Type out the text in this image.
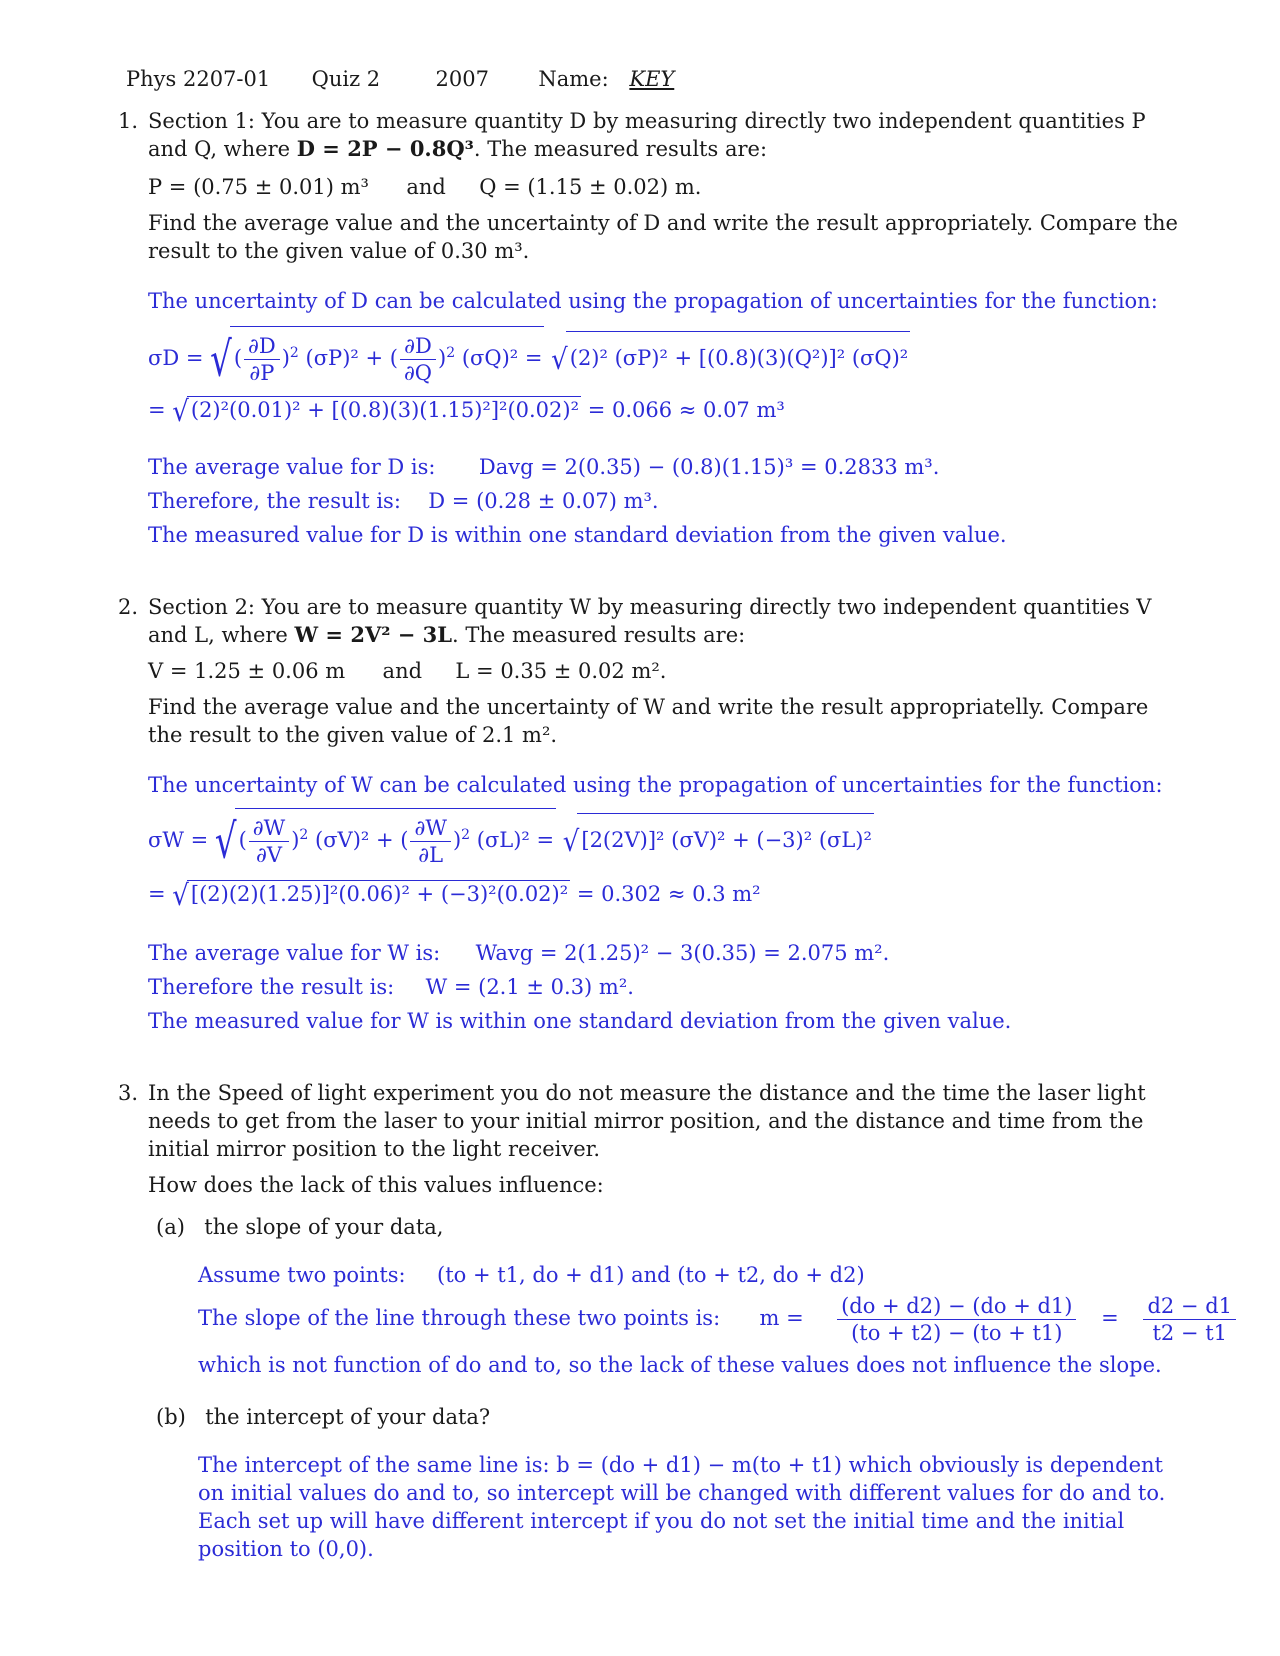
Phys 2207-01 Quiz 2	2007 Name: KEY
1. Section 1: You are to measure quantity D by measuring directly two independent quantities P
and Q, where D = 2P − 0.8Q³. The measured results are:
P = (0.75 ± 0.01) m³ and Q = (1.15 ± 0.02) m.
Find the average value and the uncertainty of D and write the result appropriately. Compare the
result to the given value of 0.30 m³.
The uncertainty of D can be calculated using the propagation of uncertainties for the function:
σD = √( $\frac{\partial D}{\partial P} )^2$ (σP)² + ( $\frac{\partial D}{\partial Q} )^2$ (σQ)² = √(2)² (σP)² + [(0.8)(3)(Q²)]² (σQ)²
= √(2)²(0.01)² + [(0.8)(3)(1.15)²]²(0.02)² = 0.066 ≈ 0.07 m³
The average value for D is: Davg = 2(0.35) − (0.8)(1.15)³ = 0.2833 m³.
Therefore, the result is: D = (0.28 ± 0.07) m³.
The measured value for D is within one standard deviation from the given value.
2. Section 2: You are to measure quantity W by measuring directly two independent quantities V
and L, where W = 2V² − 3L. The measured results are:
V = 1.25 ± 0.06 m and L = 0.35 ± 0.02 m².
Find the average value and the uncertainty of W and write the result appropriatelly. Compare
the result to the given value of 2.1 m².
The uncertainty of W can be calculated using the propagation of uncertainties for the function:
σW = √( $\frac{\partial W}{\partial V} )^2$ (σV)² + ( $\frac{\partial W}{\partial L} )^2$ (σL)² = √[2(2V)]² (σV)² + (−3)² (σL)²
= √[(2)(2)(1.25)]²(0.06)² + (−3)²(0.02)² = 0.302 ≈ 0.3 m²
The average value for W is: Wavg = 2(1.25)² − 3(0.35) = 2.075 m².
Therefore the result is: W = (2.1 ± 0.3) m².
The measured value for W is within one standard deviation from the given value.
3. In the Speed of light experiment you do not measure the distance and the time the laser light
needs to get from the laser to your initial mirror position, and the distance and time from the
initial mirror position to the light receiver.
How does the lack of this values influence:
(a) the slope of your data,
Assume two points: (to + t1, do + d1) and (to + t2, do + d2)
The slope of the line through these two points is: $m = \frac{(do + d2) - (do + d1)}{(to + t2) - (to + t1)} = \frac{d2 - d1}{t2 - t1}$
which is not function of do and to, so the lack of these values does not influence the slope.
(b) the intercept of your data?
The intercept of the same line is: b = (do + d1) − m(to + t1) which obviously is dependent
on initial values do and to, so intercept will be changed with different values for do and to.
Each set up will have different intercept if you do not set the initial time and the initial
position to (0,0).
